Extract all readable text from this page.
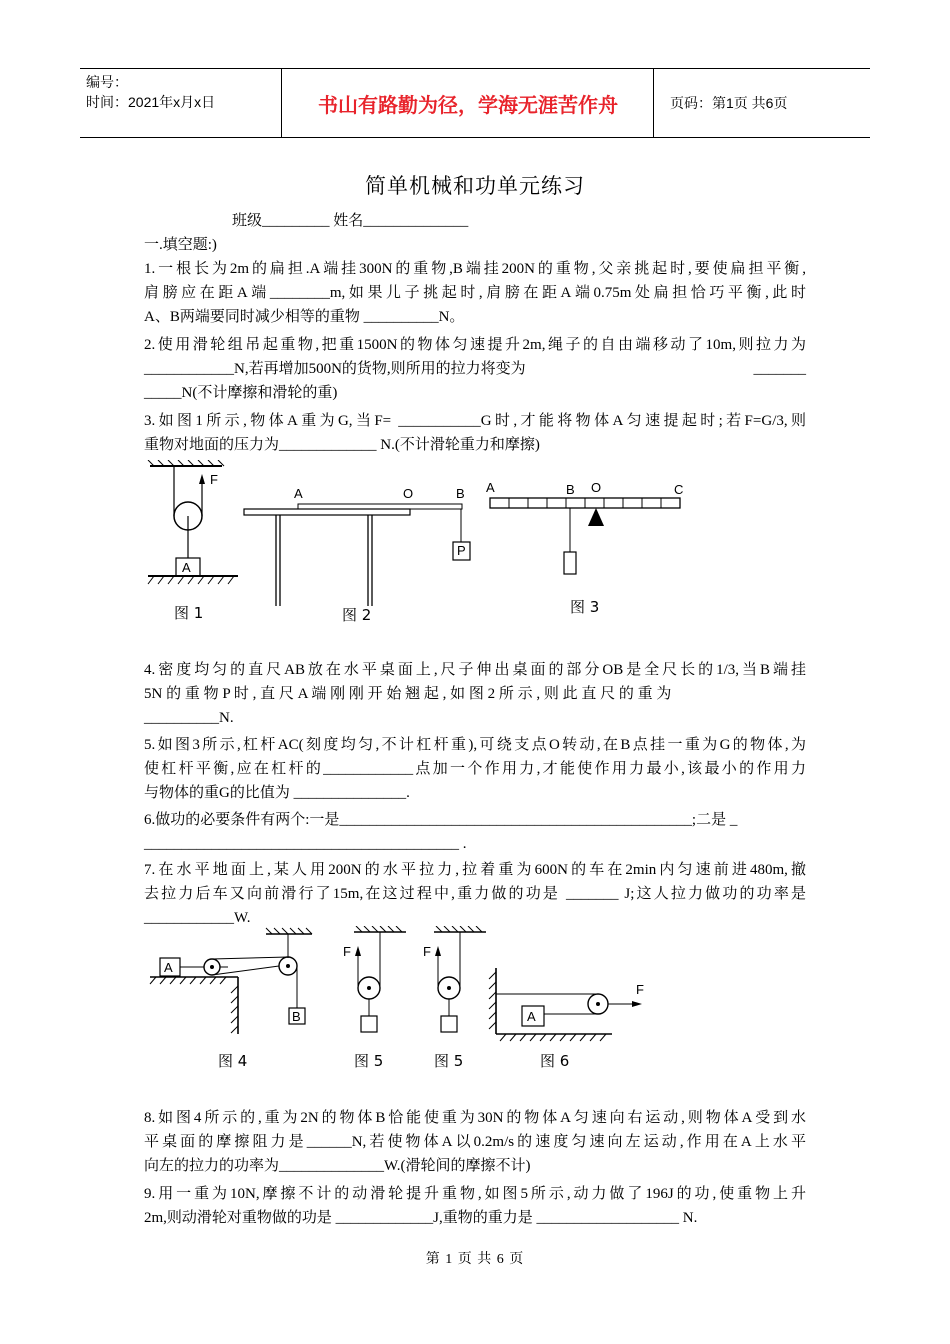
编号：
时间：2021年x月x日	书山有路勤为径，学海无涯苦作舟	页码：第1页 共6页
简单机械和功单元练习
班级_________ 姓名______________
一.填空题:)
1.一根长为2m的扁担.A端挂300N的重物,B端挂200N的重物,父亲挑起时,要使扁担平衡,
肩膀应在距A端________m,如果儿子挑起时,肩膀在距A端0.75m处扁担恰巧平衡,此时
A、B两端要同时减少相等的重物 __________N。
2.使用滑轮组吊起重物,把重1500N的物体匀速提升2m,绳子的自由端移动了10m,则拉力为
____________N,若再增加500N的货物,则所用的拉力将变为	_______
_____N(不计摩擦和滑轮的重)
3.如图1所示,物体A重为G,当F= ___________G时,才能将物体A匀速提起时;若F=G/3,则
重物对地面的压力为_____________ N.(不计滑轮重力和摩擦)
F
A
图 1
A	O	B
P
图 2
A	B O	C
图 3
4.密度均匀的直尺AB放在水平桌面上,尺子伸出桌面的部分OB是全尺长的1/3,当B端挂
5N 的 重 物 P 时 , 直 尺 A 端 刚 刚 开 始 翘 起 , 如 图 2 所 示 , 则 此 直 尺 的 重 为
__________N.
5.如图3所示,杠杆AC(刻度均匀,不计杠杆重),可绕支点O转动,在B点挂一重为G的物体,为
使杠杆平衡,应在杠杆的____________点加一个作用力,才能使作用力最小,该最小的作用力
与物体的重G的比值为 _______________.
6.做功的必要条件有两个:一是_______________________________________________;二是 _
__________________________________________ .
7.在水平地面上,某人用200N的水平拉力,拉着重为600N的车在2min内匀速前进480m,撤
去拉力后车又向前滑行了15m,在这过程中,重力做的功是 _______ J;这人拉力做功的功率是
____________W.
A
B
图 4
F
图 5
F
图 5
A
F
图 6
8.如图4所示的,重为2N的物体B恰能使重为30N的物体A匀速向右运动,则物体A受到水
平桌面的摩擦阻力是______N,若使物体A以0.2m/s的速度匀速向左运动,作用在A上水平
向左的拉力的功率为______________W.(滑轮间的摩擦不计)
9.用一重为10N,摩擦不计的动滑轮提升重物,如图5所示,动力做了196J的功,使重物上升
2m,则动滑轮对重物做的功是 _____________J,重物的重力是 ___________________ N.
第 1 页 共 6 页
